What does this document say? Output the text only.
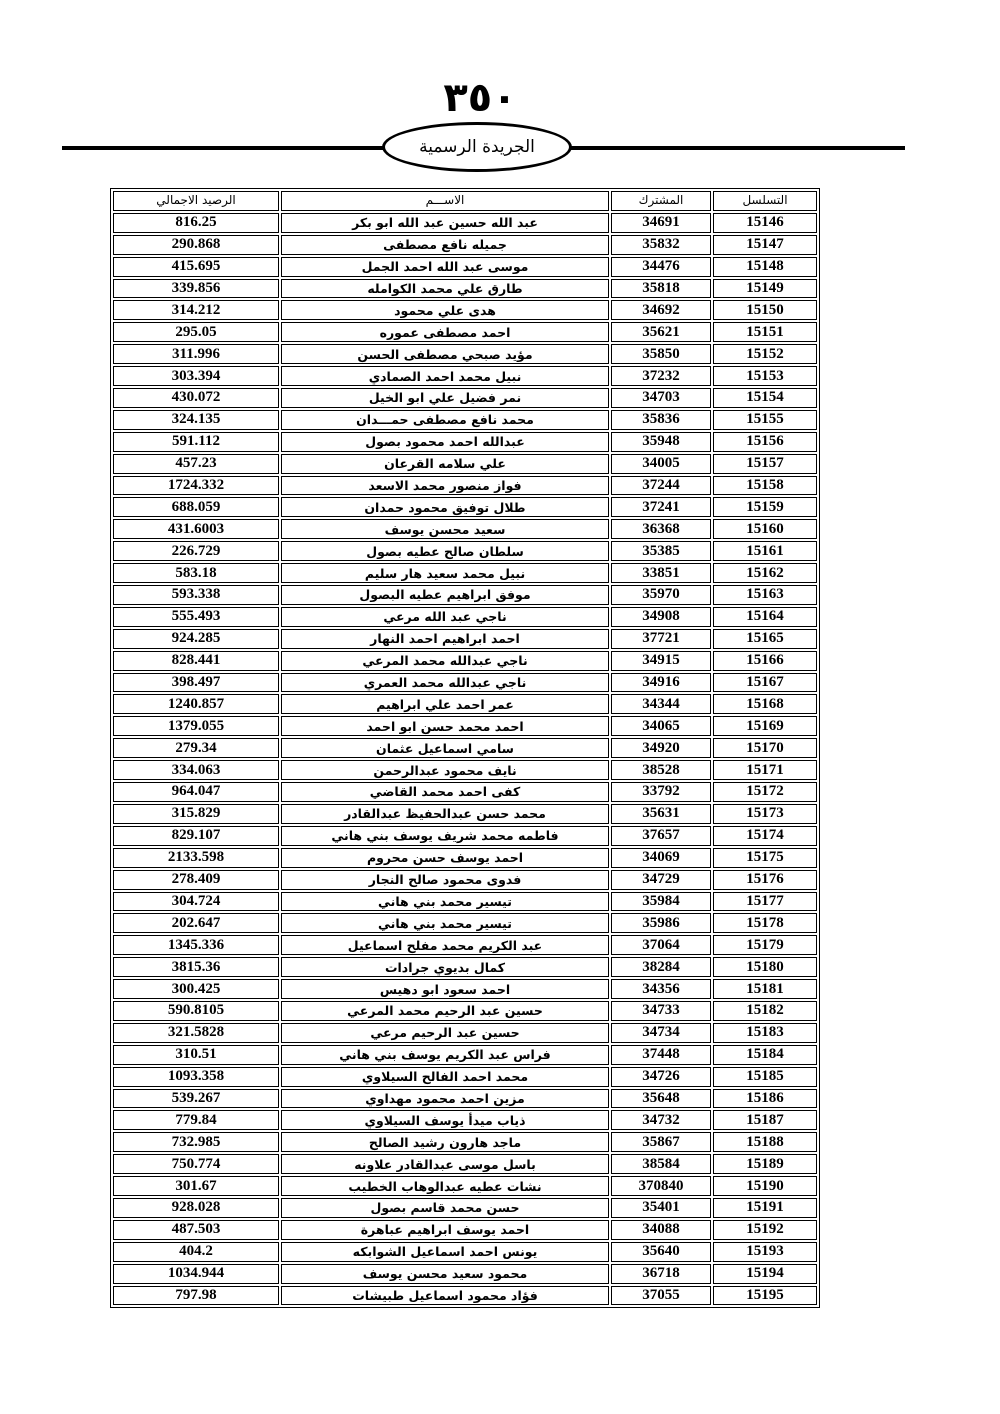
٣٥٠
الجريدة الرسمية
التسلسل	المشترك	الاســـم	الرصيد الاجمالي
15146	34691	عبد الله حسين عبد الله ابو بكر	816.25
15147	35832	جميله نافع مصطفى	290.868
15148	34476	موسى عبد الله احمد الجمل	415.695
15149	35818	طارق علي محمد الكوامله	339.856
15150	34692	هدى علي محمود	314.212
15151	35621	احمد مصطفى عموره	295.05
15152	35850	مؤيد صبحي مصطفى الحسن	311.996
15153	37232	نبيل محمد احمد الصمادي	303.394
15154	34703	نمر فضيل علي ابو الخيل	430.072
15155	35836	محمد نافع مصطفى حمـــدان	324.135
15156	35948	عبدالله احمد محمود بصول	591.112
15157	34005	علي سلامه القرعان	457.23
15158	37244	فواز منصور محمد الاسعد	1724.332
15159	37241	طلال توفيق محمود حمدان	688.059
15160	36368	سعيد محسن يوسف	431.6003
15161	35385	سلطان صالح عطيه بصول	226.729
15162	33851	نبيل محمد سعيد هار سليم	583.18
15163	35970	موفق ابراهيم عطيه البصول	593.338
15164	34908	ناجي عبد الله مرعي	555.493
15165	37721	احمد ابراهيم احمد النهار	924.285
15166	34915	ناجي عبدالله محمد المرعي	828.441
15167	34916	ناجي عبدالله محمد العمري	398.497
15168	34344	عمر احمد علي ابراهيم	1240.857
15169	34065	احمد محمد حسن ابو احمد	1379.055
15170	34920	سامي اسماعيل عثمان	279.34
15171	38528	نايف محمود عبدالرحمن	334.063
15172	33792	كفى احمد محمد القاضي	964.047
15173	35631	محمد حسن عبدالحفيظ عبدالقادر	315.829
15174	37657	فاطمه محمد شريف يوسف بني هاني	829.107
15175	34069	احمد يوسف حسن محروم	2133.598
15176	34729	فدوى محمود صالح النجار	278.409
15177	35984	تيسير محمد بني هاني	304.724
15178	35986	تيسير محمد بني هاني	202.647
15179	37064	عبد الكريم محمد مفلح اسماعيل	1345.336
15180	38284	كمال بديوي جرادات	3815.36
15181	34356	احمد سعود ابو دهيس	300.425
15182	34733	حسين عبد الرحيم محمد المرعي	590.8105
15183	34734	حسين عبد الرحيم مرعي	321.5828
15184	37448	فراس عبد الكريم يوسف بني هاني	310.51
15185	34726	محمد احمد الفالح السيلاوي	1093.358
15186	35648	مزين احمد محمود مهداوي	539.267
15187	34732	ذياب ميدأ يوسف السيلاوي	779.84
15188	35867	ماجد هارون رشيد الصالح	732.985
15189	38584	باسل موسى عبدالقادر علاونه	750.774
15190	370840	نشات عطيه عبدالوهاب الخطيب	301.67
15191	35401	حسن محمد قاسم بصول	928.028
15192	34088	احمد يوسف ابراهيم عباهرة	487.503
15193	35640	يونس احمد اسماعيل الشوابكه	404.2
15194	36718	محمود سعيد محسن يوسف	1034.944
15195	37055	فؤاد محمود اسماعيل طبيشات	797.98
